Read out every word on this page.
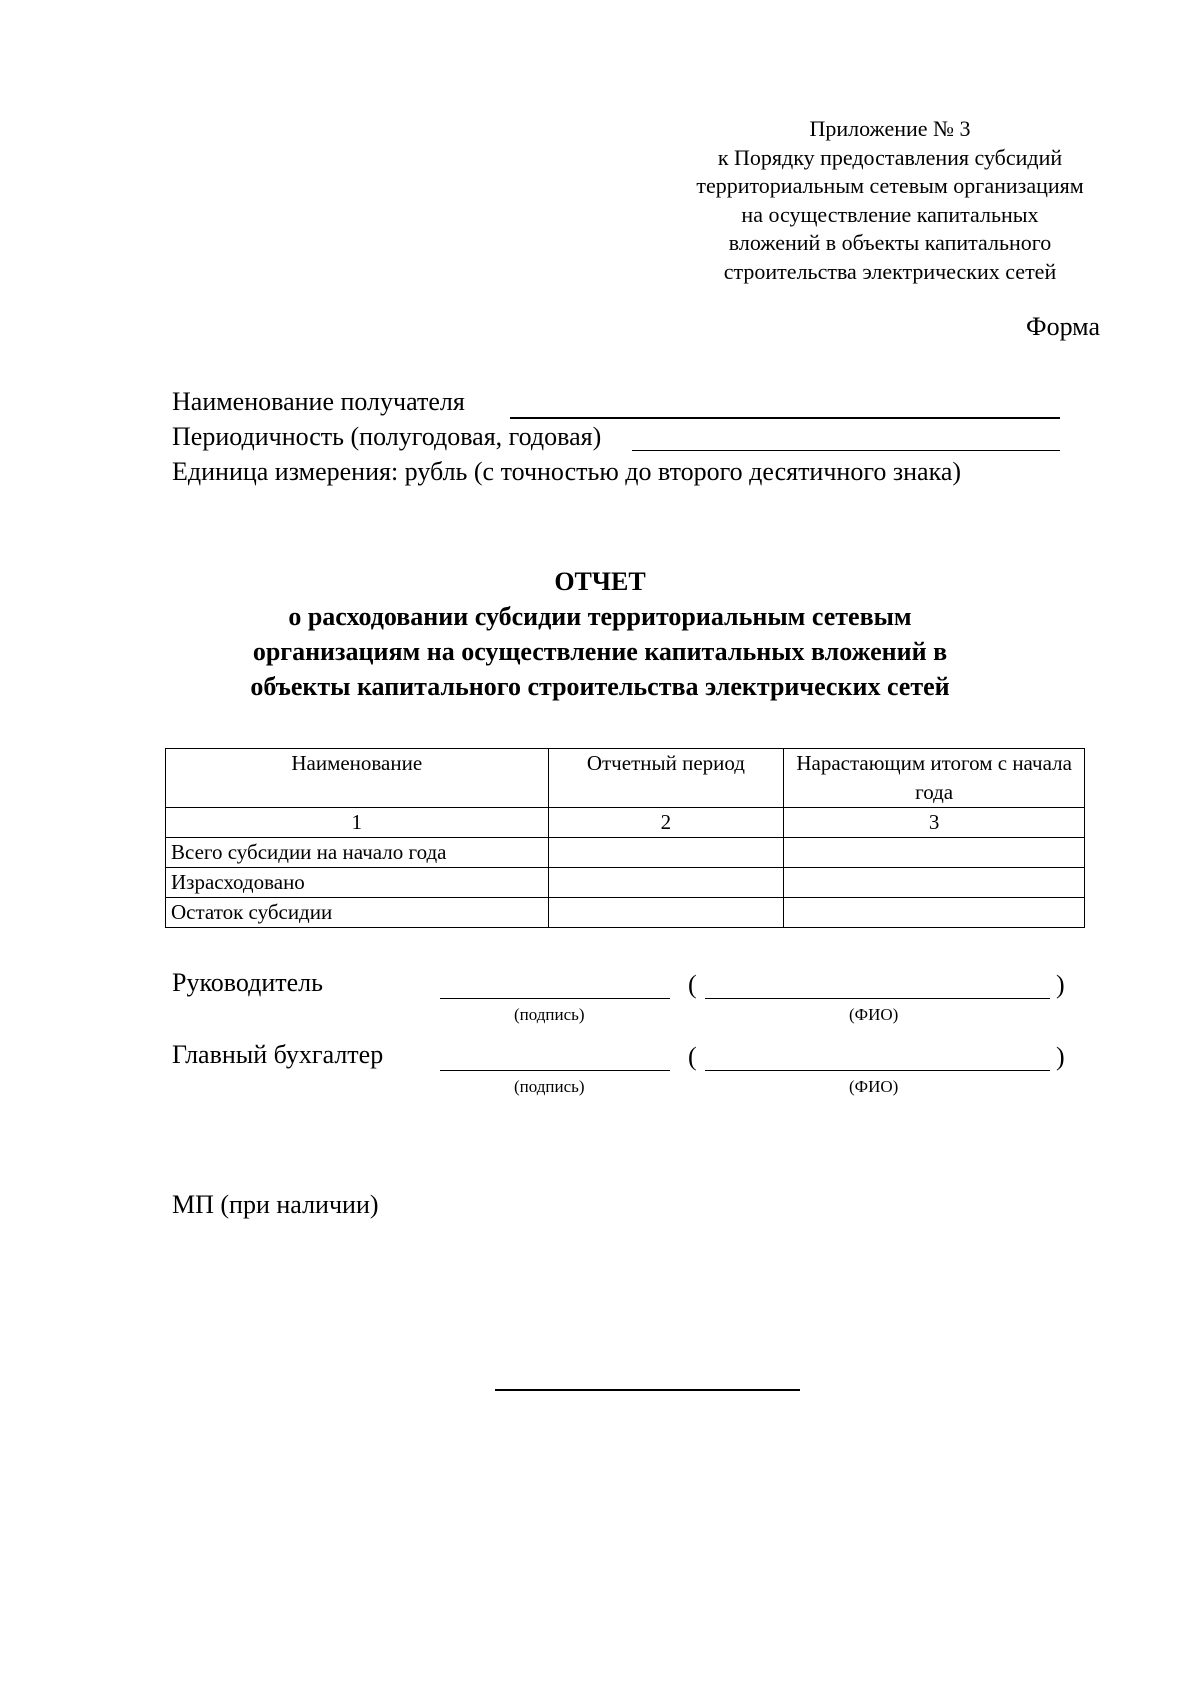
Приложение № 3
к Порядку предоставления субсидий
территориальным сетевым организациям
на осуществление капитальных
вложений в объекты капитального
строительства электрических сетей
Форма
Наименование получателя
Периодичность (полугодовая, годовая)
Единица измерения: рубль (с точностью до второго десятичного знака)
ОТЧЕТ
о расходовании субсидии территориальным сетевым
организациям на осуществление капитальных вложений в
объекты капитального строительства электрических сетей
Наименование	Отчетный период	Нарастающим итогом с начала года
1	2	3
Всего субсидии на начало года		
Израсходовано		
Остаток субсидии		
Руководитель
(подпись)
(	)
(ФИО)
Главный бухгалтер
(подпись)
(	)
(ФИО)
МП (при наличии)
